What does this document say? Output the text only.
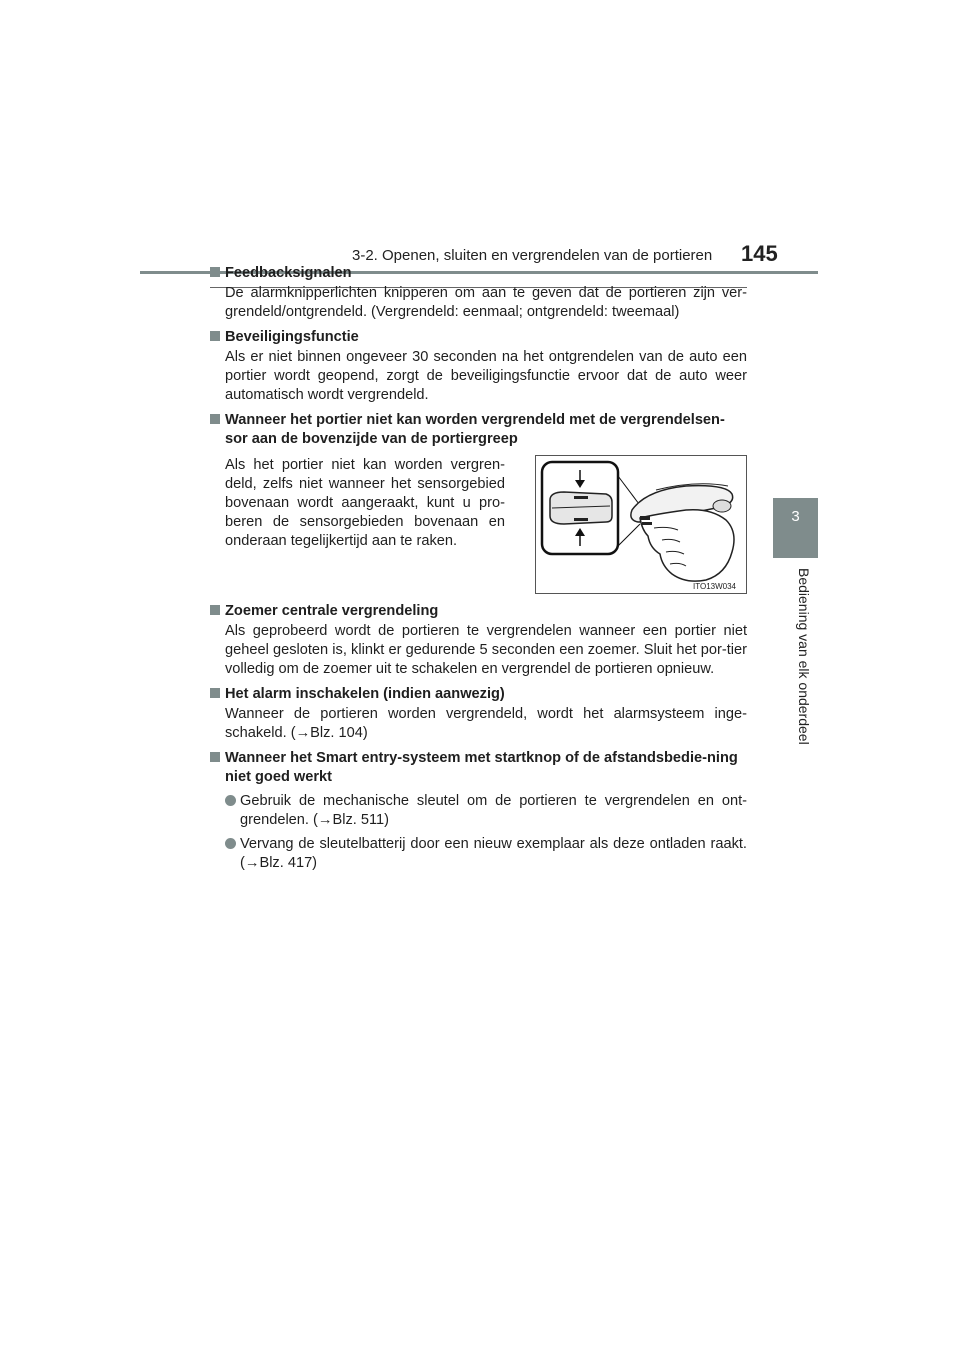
3-2. Openen, sluiten en vergrendelen van de portieren 145
3
Bediening van elk onderdeel
Feedbacksignalen
De alarmknipperlichten knipperen om aan te geven dat de portieren zijn ver-grendeld/ontgrendeld. (Vergrendeld: eenmaal; ontgrendeld: tweemaal)
Beveiligingsfunctie
Als er niet binnen ongeveer 30 seconden na het ontgrendelen van de auto een portier wordt geopend, zorgt de beveiligingsfunctie ervoor dat de auto weer automatisch wordt vergrendeld.
Wanneer het portier niet kan worden vergrendeld met de vergrendelsen-sor aan de bovenzijde van de portiergreep
Als het portier niet kan worden vergren-deld, zelfs niet wanneer het sensorgebied bovenaan wordt aangeraakt, kunt u pro-beren de sensorgebieden bovenaan en onderaan tegelijkertijd aan te raken.
ITO13W034
Zoemer centrale vergrendeling
Als geprobeerd wordt de portieren te vergrendelen wanneer een portier niet geheel gesloten is, klinkt er gedurende 5 seconden een zoemer. Sluit het por-tier volledig om de zoemer uit te schakelen en vergrendel de portieren opnieuw.
Het alarm inschakelen (indien aanwezig)
Wanneer de portieren worden vergrendeld, wordt het alarmsysteem inge-schakeld. (→Blz. 104)
Wanneer het Smart entry-systeem met startknop of de afstandsbedie-ning niet goed werkt
Gebruik de mechanische sleutel om de portieren te vergrendelen en ont-grendelen. (→Blz. 511)
Vervang de sleutelbatterij door een nieuw exemplaar als deze ontladen raakt. (→Blz. 417)
